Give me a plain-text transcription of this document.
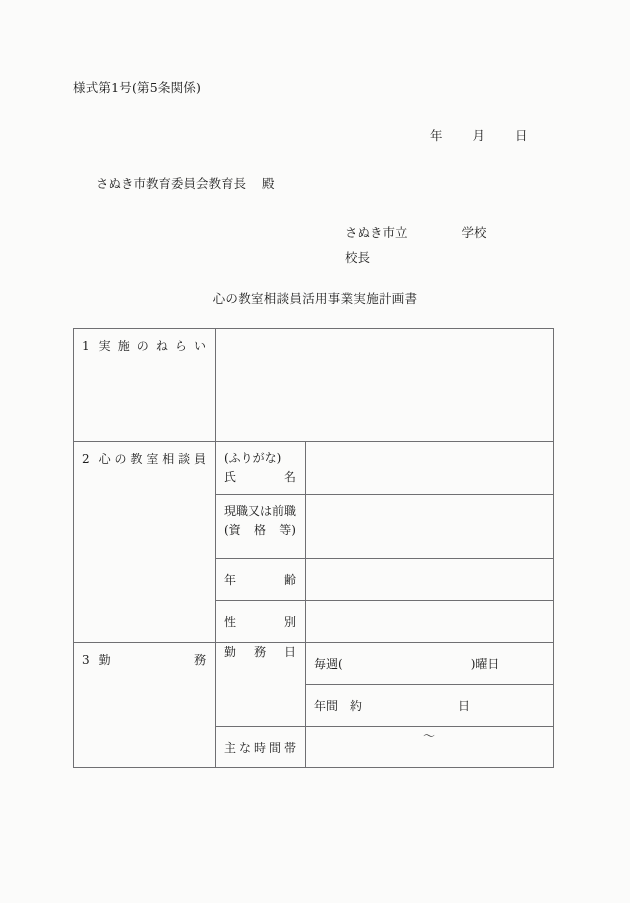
様式第1号(第5条関係)
年 月 日
さぬき市教育委員会教育長 殿
さぬき市立	学校
校長
心の教室相談員活用事業実施計画書
1 実施のねらい		

2 心の教室相談員	(ふりがな)
氏	名

	現職又は前職
(資 格 等)	

	年 齢	

	性 別	

3 勤務	勤務日	毎週( )曜日

		年間　約 日

	主な時間帯	〜
